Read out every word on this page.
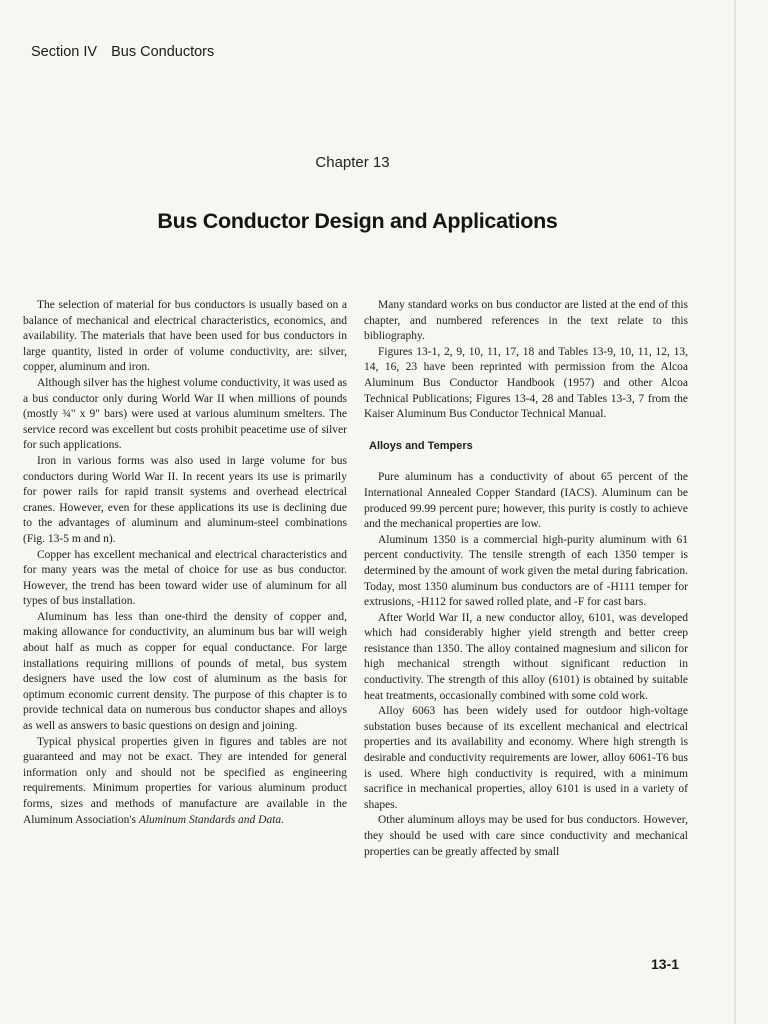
Section IV Bus Conductors
Chapter 13
Bus Conductor Design and Applications

The selection of material for bus conductors is usually based on a balance of mechanical and electrical characteristics, economics, and availability. The materials that have been used for bus conductors in large quantity, listed in order of volume conductivity, are: silver, copper, aluminum and iron.

Although silver has the highest volume conductivity, it was used as a bus conductor only during World War II when millions of pounds (mostly ¾" x 9" bars) were used at various aluminum smelters. The service record was excellent but costs prohibit peacetime use of silver for such applications.

Iron in various forms was also used in large volume for bus conductors during World War II. In recent years its use is primarily for power rails for rapid transit systems and overhead electrical cranes. However, even for these applications its use is declining due to the advantages of aluminum and aluminum-steel combinations (Fig. 13-5 m and n).

Copper has excellent mechanical and electrical characteristics and for many years was the metal of choice for use as bus conductor. However, the trend has been toward wider use of aluminum for all types of bus installation.

Aluminum has less than one-third the density of copper and, making allowance for conductivity, an aluminum bus bar will weigh about half as much as copper for equal conductance. For large installations requiring millions of pounds of metal, bus system designers have used the low cost of aluminum as the basis for optimum economic current density. The purpose of this chapter is to provide technical data on numerous bus conductor shapes and alloys as well as answers to basic questions on design and joining.

Typical physical properties given in figures and tables are not guaranteed and may not be exact. They are intended for general information only and should not be specified as engineering requirements. Minimum properties for various aluminum product forms, sizes and methods of manufacture are available in the Aluminum Association's Aluminum Standards and Data.

Many standard works on bus conductor are listed at the end of this chapter, and numbered references in the text relate to this bibliography.

Figures 13-1, 2, 9, 10, 11, 17, 18 and Tables 13-9, 10, 11, 12, 13, 14, 16, 23 have been reprinted with permission from the Alcoa Aluminum Bus Conductor Handbook (1957) and other Alcoa Technical Publications; Figures 13-4, 28 and Tables 13-3, 7 from the Kaiser Aluminum Bus Conductor Technical Manual.

Alloys and Tempers

Pure aluminum has a conductivity of about 65 percent of the International Annealed Copper Standard (IACS). Aluminum can be produced 99.99 percent pure; however, this purity is costly to achieve and the mechanical properties are low.

Aluminum 1350 is a commercial high-purity aluminum with 61 percent conductivity. The tensile strength of each 1350 temper is determined by the amount of work given the metal during fabrication. Today, most 1350 aluminum bus conductors are of -H111 temper for extrusions, -H112 for sawed rolled plate, and -F for cast bars.

After World War II, a new conductor alloy, 6101, was developed which had considerably higher yield strength and better creep resistance than 1350. The alloy contained magnesium and silicon for high mechanical strength without significant reduction in conductivity. The strength of this alloy (6101) is obtained by suitable heat treatments, occasionally combined with some cold work.

Alloy 6063 has been widely used for outdoor high-voltage substation buses because of its excellent mechanical and electrical properties and its availability and economy. Where high strength is desirable and conductivity requirements are lower, alloy 6061-T6 bus is used. Where high conductivity is required, with a minimum sacrifice in mechanical properties, alloy 6101 is used in a variety of shapes.

Other aluminum alloys may be used for bus conductors. However, they should be used with care since conductivity and mechanical properties can be greatly affected by small

13-1
